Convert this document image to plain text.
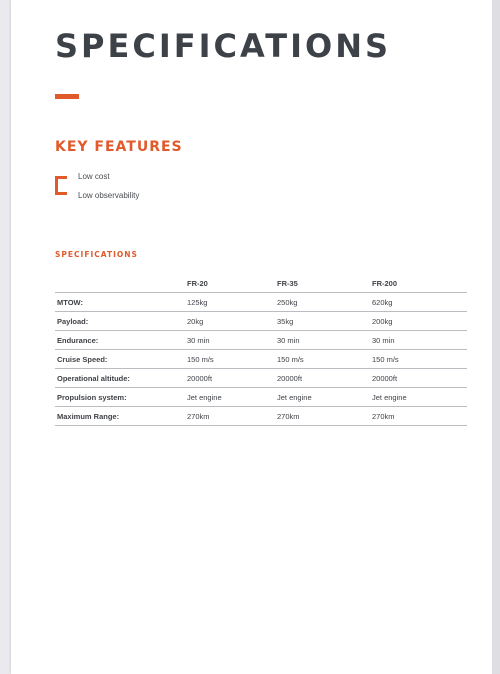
SPECIFICATIONS
KEY FEATURES
Low cost
Low observability
SPECIFICATIONS
	FR-20	FR-35	FR-200
MTOW:	125kg	250kg	620kg
Payload:	20kg	35kg	200kg
Endurance:	30 min	30 min	30 min
Cruise Speed:	150 m/s	150 m/s	150 m/s
Operational altitude:	20000ft	20000ft	20000ft
Propulsion system:	Jet engine	Jet engine	Jet engine
Maximum Range:	270km	270km	270km
